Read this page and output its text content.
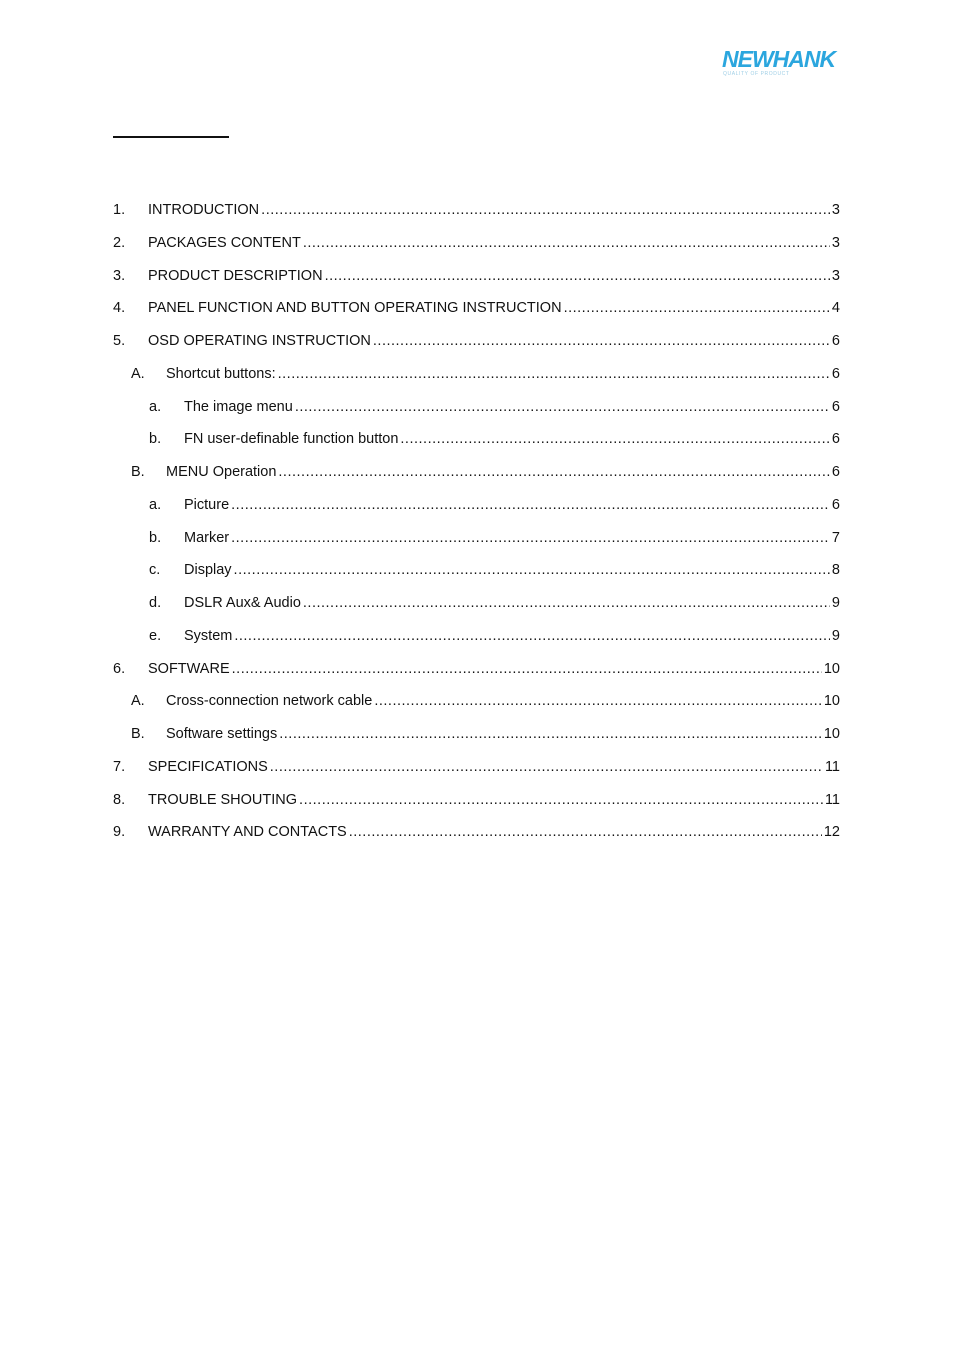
NEWHANK
QUALITY OF PRODUCT
1.	INTRODUCTION .....	3
2.	PACKAGES CONTENT .....	3
3.	PRODUCT DESCRIPTION .....	3
4.	PANEL FUNCTION AND BUTTON OPERATING INSTRUCTION .....	4
5.	OSD OPERATING INSTRUCTION .....	6
A.	Shortcut buttons: .....	6
a.	The image menu .....	6
b.	FN user-definable function button .....	6
B.	MENU Operation .....	6
a.	Picture .....	6
b.	Marker .....	7
c.	Display .....	8
d.	DSLR Aux& Audio .....	9
e.	System .....	9
6.	SOFTWARE .....	10
A.	Cross-connection network cable .....	10
B.	Software settings .....	10
7.	SPECIFICATIONS .....	11
8.	TROUBLE SHOUTING .....	11
9.	WARRANTY AND CONTACTS .....	12
